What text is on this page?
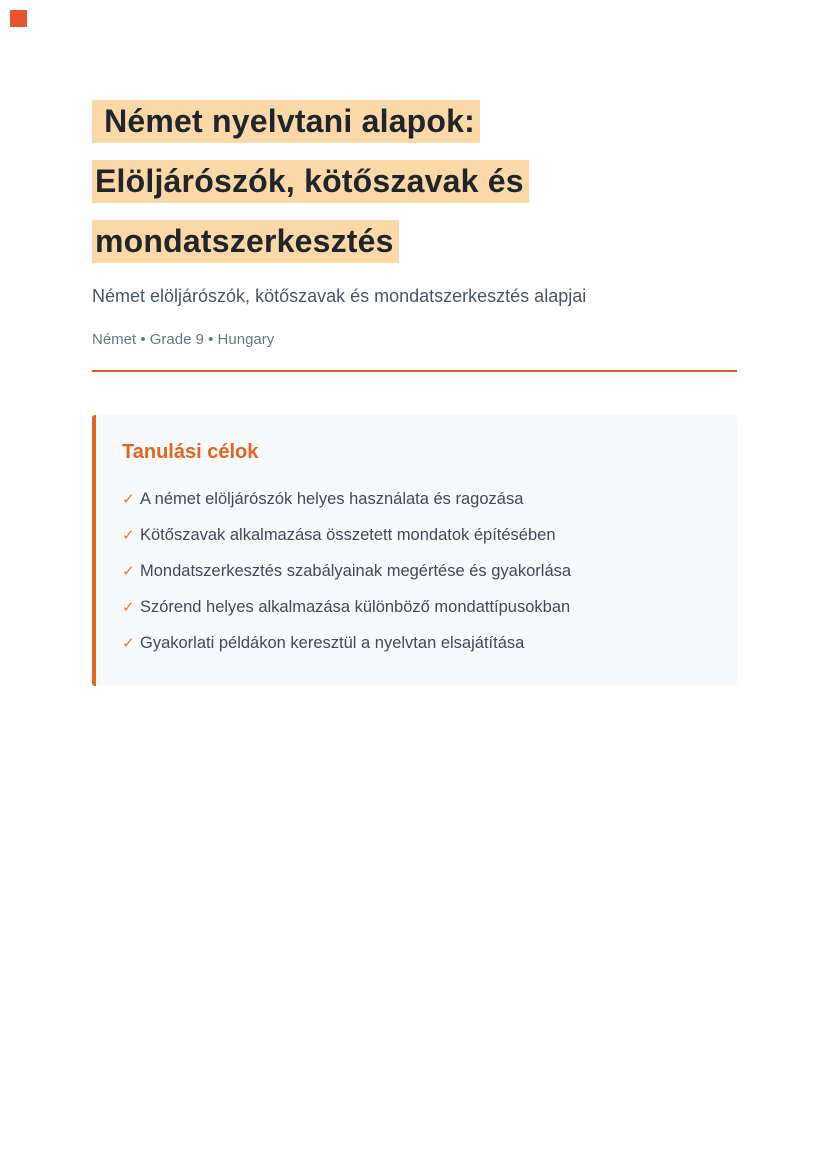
Német nyelvtani alapok:
Elöljárószók, kötőszavak és
mondatszerkesztés

Német elöljárószók, kötőszavak és mondatszerkesztés alapjai

Német • Grade 9 • Hungary

Tanulási célok
✓ A német elöljárószók helyes használata és ragozása
✓ Kötőszavak alkalmazása összetett mondatok építésében
✓ Mondatszerkesztés szabályainak megértése és gyakorlása
✓ Szórend helyes alkalmazása különböző mondattípusokban
✓ Gyakorlati példákon keresztül a nyelvtan elsajátítása
